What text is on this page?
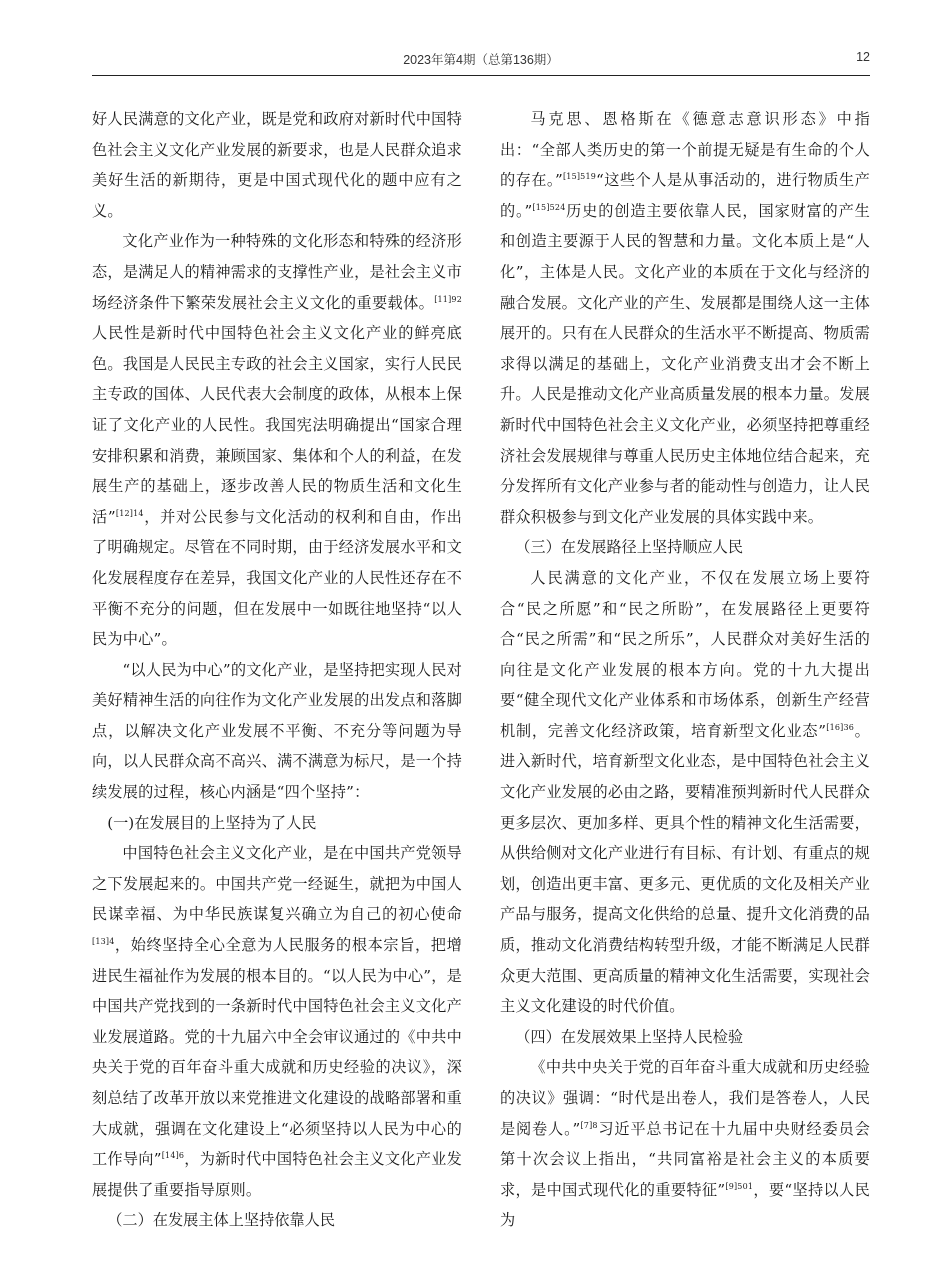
2023年第4期（总第136期）	12

好人民满意的文化产业，既是党和政府对新时代中国特色社会主义文化产业发展的新要求，也是人民群众追求美好生活的新期待，更是中国式现代化的题中应有之义。

文化产业作为一种特殊的文化形态和特殊的经济形态，是满足人的精神需求的支撑性产业，是社会主义市场经济条件下繁荣发展社会主义文化的重要载体。$^{[11]92}$人民性是新时代中国特色社会主义文化产业的鲜亮底色。我国是人民民主专政的社会主义国家，实行人民民主专政的国体、人民代表大会制度的政体，从根本上保证了文化产业的人民性。我国宪法明确提出“国家合理安排积累和消费，兼顾国家、集体和个人的利益，在发展生产的基础上，逐步改善人民的物质生活和文化生活”$^{[12]14}$，并对公民参与文化活动的权利和自由，作出了明确规定。尽管在不同时期，由于经济发展水平和文化发展程度存在差异，我国文化产业的人民性还存在不平衡不充分的问题，但在发展中一如既往地坚持“以人民为中心”。

“以人民为中心”的文化产业，是坚持把实现人民对美好精神生活的向往作为文化产业发展的出发点和落脚点，以解决文化产业发展不平衡、不充分等问题为导向，以人民群众高不高兴、满不满意为标尺，是一个持续发展的过程，核心内涵是“四个坚持”：

(一)在发展目的上坚持为了人民

中国特色社会主义文化产业，是在中国共产党领导之下发展起来的。中国共产党一经诞生，就把为中国人民谋幸福、为中华民族谋复兴确立为自己的初心使命$^{[13]4}$，始终坚持全心全意为人民服务的根本宗旨，把增进民生福祉作为发展的根本目的。“以人民为中心”，是中国共产党找到的一条新时代中国特色社会主义文化产业发展道路。党的十九届六中全会审议通过的《中共中央关于党的百年奋斗重大成就和历史经验的决议》，深刻总结了改革开放以来党推进文化建设的战略部署和重大成就，强调在文化建设上“必须坚持以人民为中心的工作导向”$^{[14]6}$，为新时代中国特色社会主义文化产业发展提供了重要指导原则。

（二）在发展主体上坚持依靠人民

马克思、恩格斯在《德意志意识形态》中指出：“全部人类历史的第一个前提无疑是有生命的个人的存在。”$^{[15]519}$“这些个人是从事活动的，进行物质生产的。”$^{[15]524}$历史的创造主要依靠人民，国家财富的产生和创造主要源于人民的智慧和力量。文化本质上是“人化”，主体是人民。文化产业的本质在于文化与经济的融合发展。文化产业的产生、发展都是围绕人这一主体展开的。只有在人民群众的生活水平不断提高、物质需求得以满足的基础上，文化产业消费支出才会不断上升。人民是推动文化产业高质量发展的根本力量。发展新时代中国特色社会主义文化产业，必须坚持把尊重经济社会发展规律与尊重人民历史主体地位结合起来，充分发挥所有文化产业参与者的能动性与创造力，让人民群众积极参与到文化产业发展的具体实践中来。

（三）在发展路径上坚持顺应人民

人民满意的文化产业，不仅在发展立场上要符合“民之所愿”和“民之所盼”，在发展路径上更要符合“民之所需”和“民之所乐”，人民群众对美好生活的向往是文化产业发展的根本方向。党的十九大提出要“健全现代文化产业体系和市场体系，创新生产经营机制，完善文化经济政策，培育新型文化业态”$^{[16]36}$。进入新时代，培育新型文化业态，是中国特色社会主义文化产业发展的必由之路，要精准预判新时代人民群众更多层次、更加多样、更具个性的精神文化生活需要，从供给侧对文化产业进行有目标、有计划、有重点的规划，创造出更丰富、更多元、更优质的文化及相关产业产品与服务，提高文化供给的总量、提升文化消费的品质，推动文化消费结构转型升级，才能不断满足人民群众更大范围、更高质量的精神文化生活需要，实现社会主义文化建设的时代价值。

（四）在发展效果上坚持人民检验

《中共中央关于党的百年奋斗重大成就和历史经验的决议》强调：“时代是出卷人，我们是答卷人，人民是阅卷人。”$^{[7]8}$习近平总书记在十九届中央财经委员会第十次会议上指出，“共同富裕是社会主义的本质要求，是中国式现代化的重要特征”$^{[9]501}$，要“坚持以人民为
